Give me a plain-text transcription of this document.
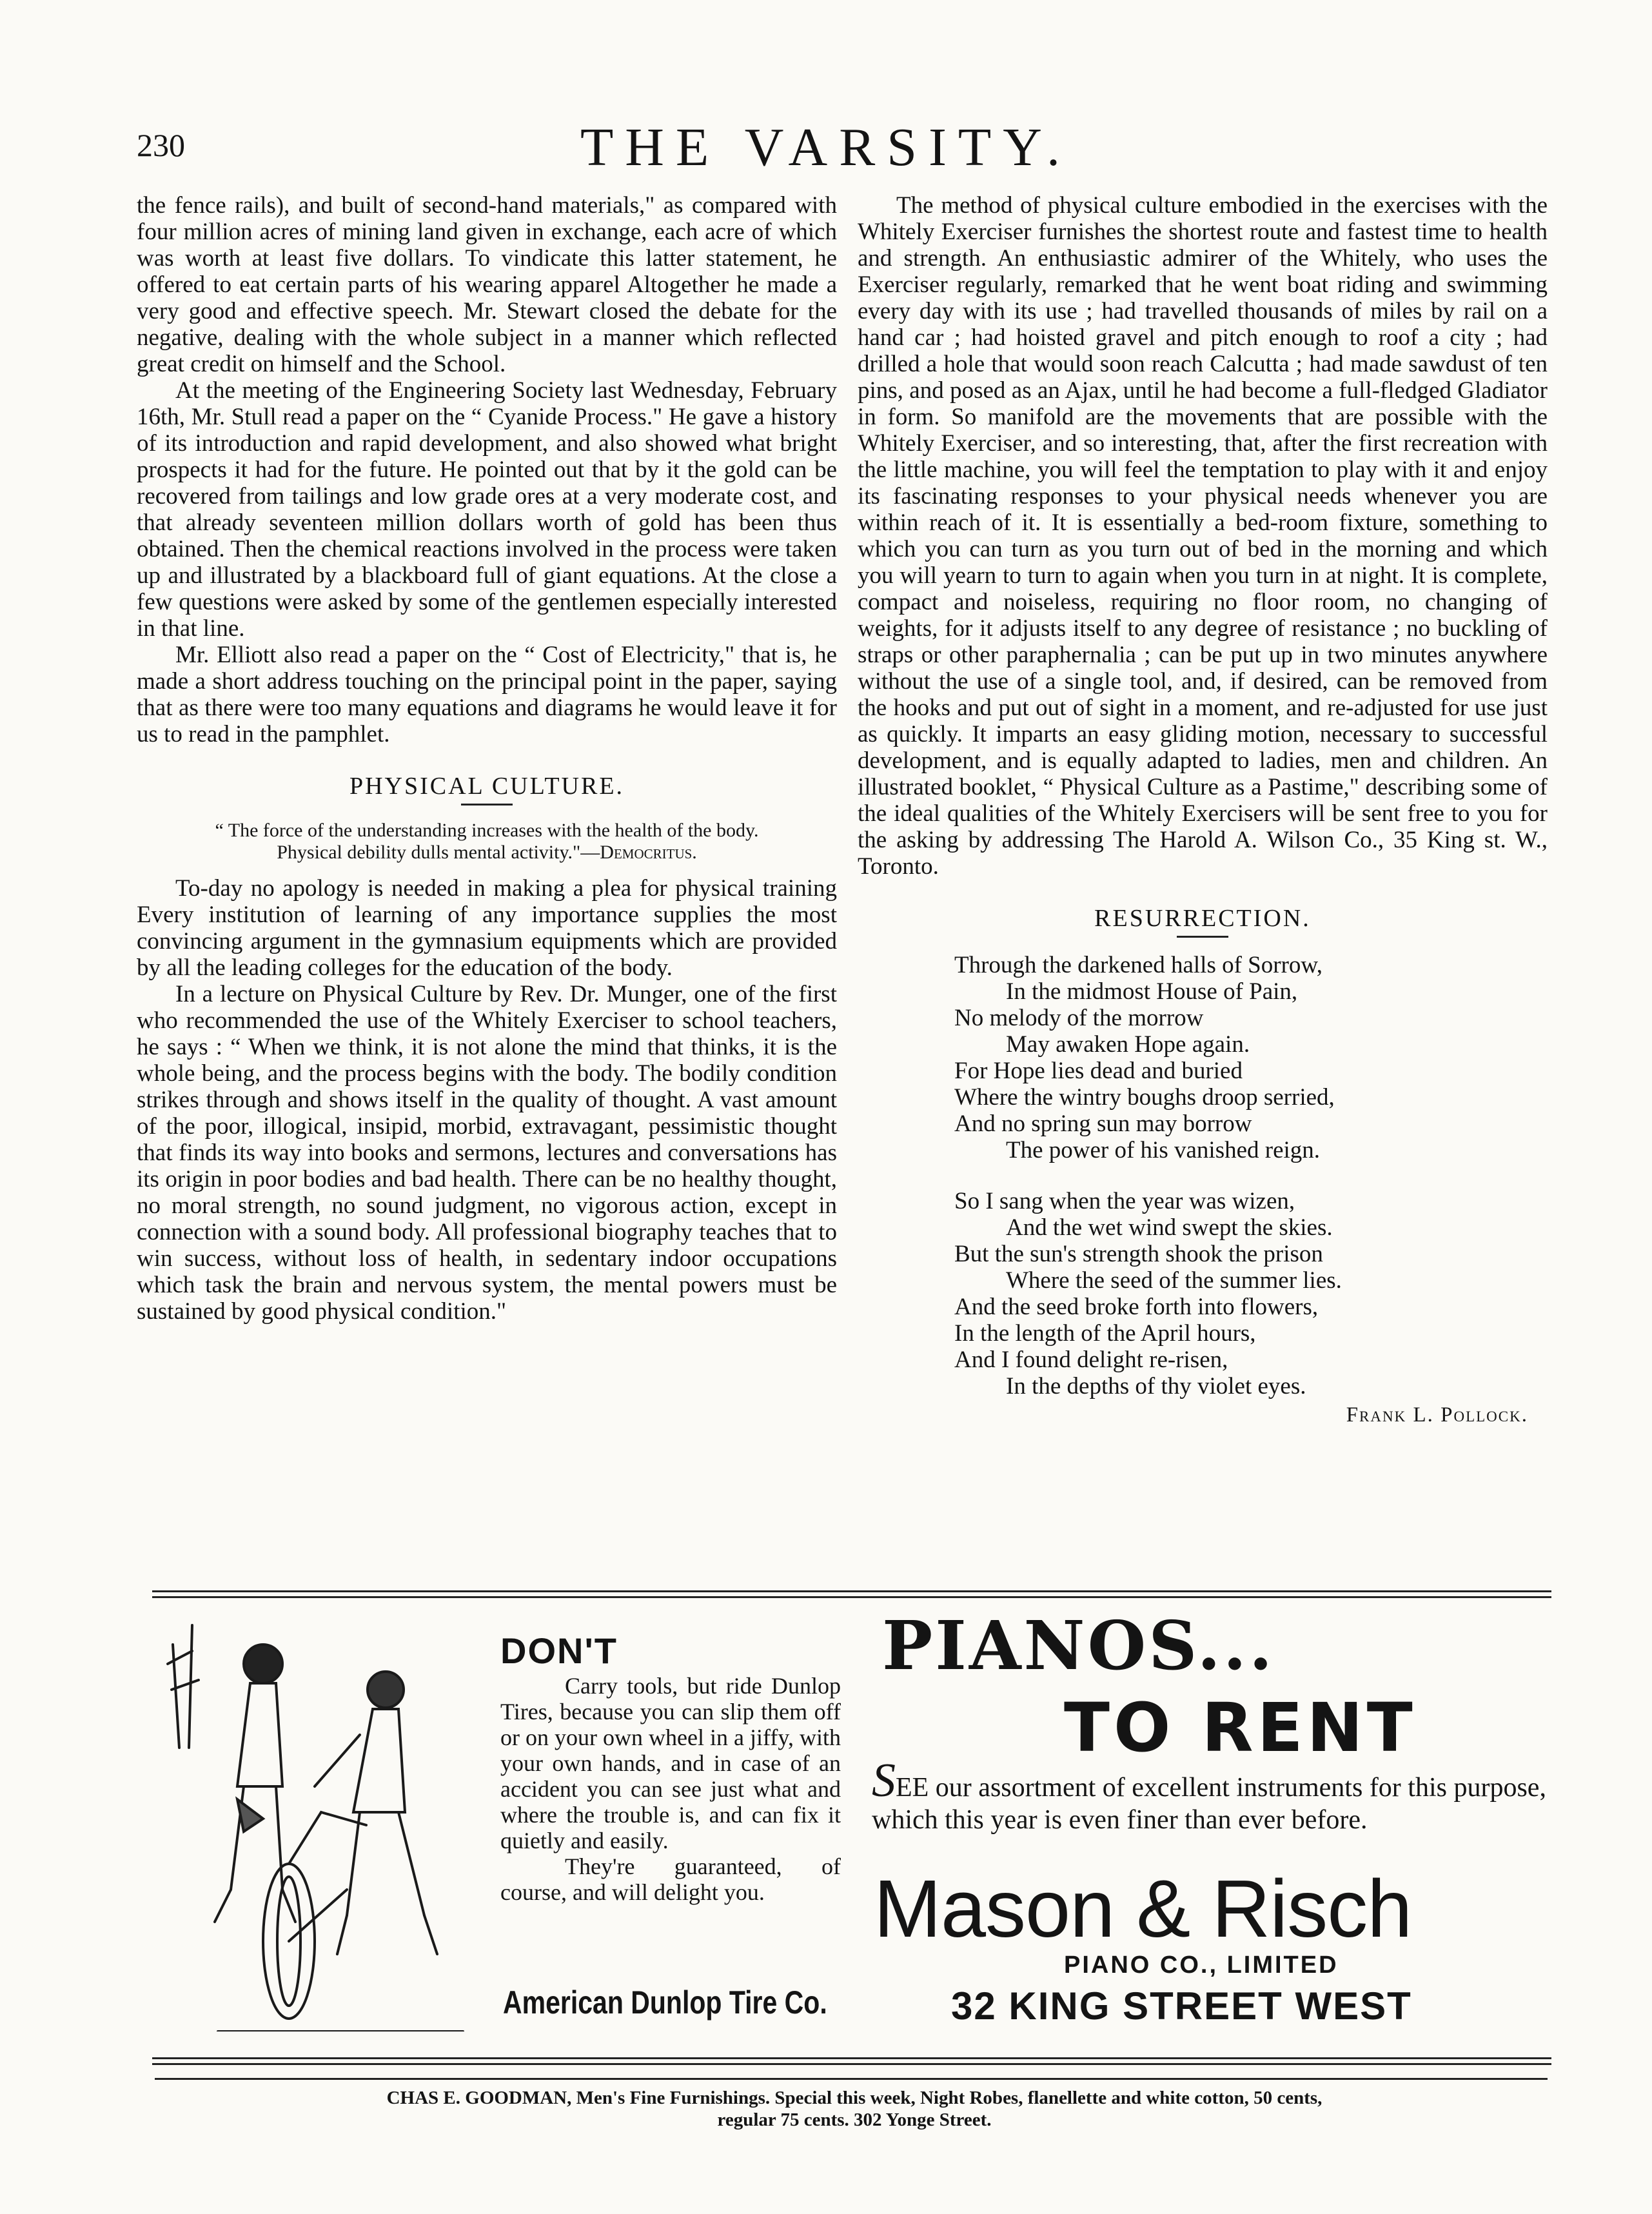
230	THE VARSITY.

the fence rails), and built of second-hand materials," as compared with four million acres of mining land given in exchange, each acre of which was worth at least five dollars. To vindicate this latter statement, he offered to eat certain parts of his wearing apparel Altogether he made a very good and effective speech. Mr. Stewart closed the debate for the negative, dealing with the whole subject in a manner which reflected great credit on himself and the School.

At the meeting of the Engineering Society last Wednesday, February 16th, Mr. Stull read a paper on the “ Cyanide Process." He gave a history of its introduction and rapid development, and also showed what bright prospects it had for the future. He pointed out that by it the gold can be recovered from tailings and low grade ores at a very moderate cost, and that already seventeen million dollars worth of gold has been thus obtained. Then the chemical reactions involved in the process were taken up and illustrated by a blackboard full of giant equations. At the close a few questions were asked by some of the gentlemen especially interested in that line.

Mr. Elliott also read a paper on the “ Cost of Electricity," that is, he made a short address touching on the principal point in the paper, saying that as there were too many equations and diagrams he would leave it for us to read in the pamphlet.

PHYSICAL CULTURE.
“ The force of the understanding increases with the health of the body.
Physical debility dulls mental activity."—Democritus.

To-day no apology is needed in making a plea for physical training Every institution of learning of any importance supplies the most convincing argument in the gymnasium equipments which are provided by all the leading colleges for the education of the body.

In a lecture on Physical Culture by Rev. Dr. Munger, one of the first who recommended the use of the Whitely Exerciser to school teachers, he says : “ When we think, it is not alone the mind that thinks, it is the whole being, and the process begins with the body. The bodily condition strikes through and shows itself in the quality of thought. A vast amount of the poor, illogical, insipid, morbid, extravagant, pessimistic thought that finds its way into books and sermons, lectures and conversations has its origin in poor bodies and bad health. There can be no healthy thought, no moral strength, no sound judgment, no vigorous action, except in connection with a sound body. All professional biography teaches that to win success, without loss of health, in sedentary indoor occupations which task the brain and nervous system, the mental powers must be sustained by good physical condition."

The method of physical culture embodied in the exercises with the Whitely Exerciser furnishes the shortest route and fastest time to health and strength. An enthusiastic admirer of the Whitely, who uses the Exerciser regularly, remarked that he went boat riding and swimming every day with its use ; had travelled thousands of miles by rail on a hand car ; had hoisted gravel and pitch enough to roof a city ; had drilled a hole that would soon reach Calcutta ; had made sawdust of ten pins, and posed as an Ajax, until he had become a full-fledged Gladiator in form. So manifold are the movements that are possible with the Whitely Exerciser, and so interesting, that, after the first recreation with the little machine, you will feel the temptation to play with it and enjoy its fascinating responses to your physical needs whenever you are within reach of it. It is essentially a bed-room fixture, something to which you can turn as you turn out of bed in the morning and which you will yearn to turn to again when you turn in at night. It is complete, compact and noiseless, requiring no floor room, no changing of weights, for it adjusts itself to any degree of resistance ; no buckling of straps or other paraphernalia ; can be put up in two minutes anywhere without the use of a single tool, and, if desired, can be removed from the hooks and put out of sight in a moment, and re-adjusted for use just as quickly. It imparts an easy gliding motion, necessary to successful development, and is equally adapted to ladies, men and children. An illustrated booklet, “ Physical Culture as a Pastime," describing some of the ideal qualities of the Whitely Exercisers will be sent free to you for the asking by addressing The Harold A. Wilson Co., 35 King st. W., Toronto.

RESURRECTION.
Through the darkened halls of Sorrow,
In the midmost House of Pain,
No melody of the morrow
May awaken Hope again.
For Hope lies dead and buried
Where the wintry boughs droop serried,
And no spring sun may borrow
The power of his vanished reign.
So I sang when the year was wizen,
And the wet wind swept the skies.
But the sun's strength shook the prison
Where the seed of the summer lies.
And the seed broke forth into flowers,
In the length of the April hours,
And I found delight re-risen,
In the depths of thy violet eyes.
Frank L. Pollock.
DON'T

Carry tools, but ride Dunlop Tires, because you can slip them off or on your own wheel in a jiffy, with your own hands, and in case of an accident you can see just what and where the trouble is, and can fix it quietly and easily.

They're guaranteed, of course, and will delight you.

American Dunlop Tire Co.
PIANOS...
TO RENT
SEE our assortment of excellent instruments for this purpose, which this year is even finer than ever before.
Mason & Risch
PIANO CO., LIMITED
32 KING STREET WEST
CHAS E. GOODMAN, Men's Fine Furnishings. Special this week, Night Robes, flanellette and white cotton, 50 cents,
regular 75 cents. 302 Yonge Street.
